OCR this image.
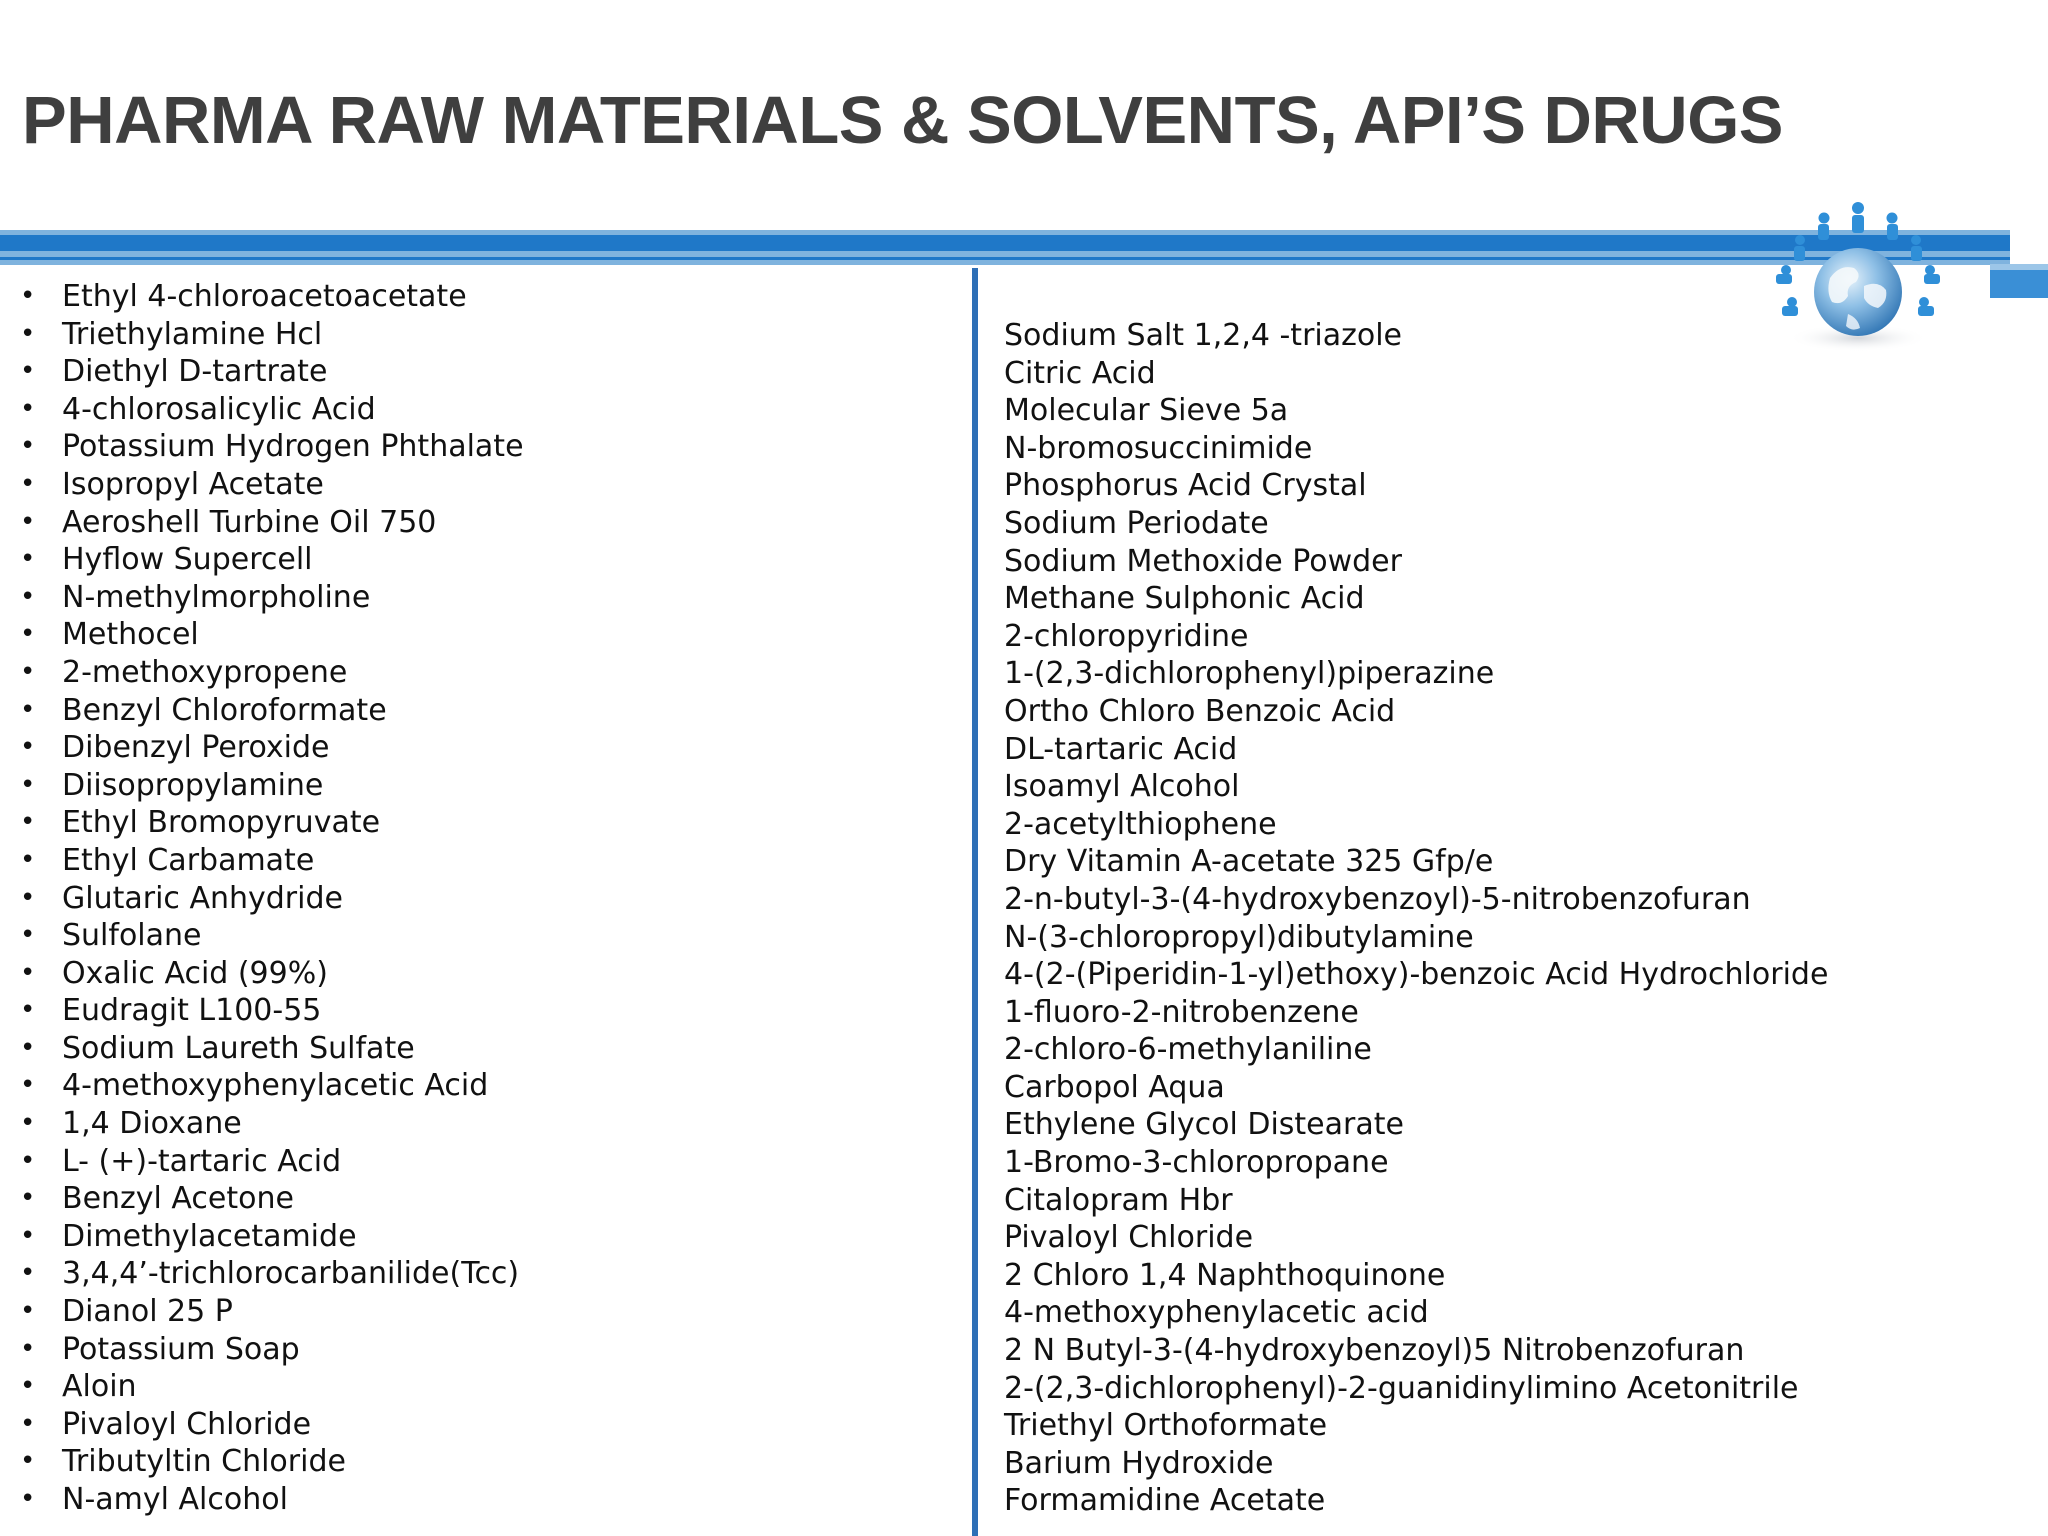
PHARMA RAW MATERIALS & SOLVENTS, API’S DRUGS
• Ethyl 4-chloroacetoacetate
• Triethylamine Hcl
• Diethyl D-tartrate
• 4-chlorosalicylic Acid
• Potassium Hydrogen Phthalate
• Isopropyl Acetate
• Aeroshell Turbine Oil 750
• Hyflow Supercell
• N-methylmorpholine
• Methocel
• 2-methoxypropene
• Benzyl Chloroformate
• Dibenzyl Peroxide
• Diisopropylamine
• Ethyl Bromopyruvate
• Ethyl Carbamate
• Glutaric Anhydride
• Sulfolane
• Oxalic Acid (99%)
• Eudragit L100-55
• Sodium Laureth Sulfate
• 4-methoxyphenylacetic Acid
• 1,4 Dioxane
• L- (+)-tartaric Acid
• Benzyl Acetone
• Dimethylacetamide
• 3,4,4’-trichlorocarbanilide(Tcc)
• Dianol 25 P
• Potassium Soap
• Aloin
• Pivaloyl Chloride
• Tributyltin Chloride
• N-amyl Alcohol
Sodium Salt 1,2,4 -triazole
Citric Acid
Molecular Sieve 5a
N-bromosuccinimide
Phosphorus Acid Crystal
Sodium Periodate
Sodium Methoxide Powder
Methane Sulphonic Acid
2-chloropyridine
1-(2,3-dichlorophenyl)piperazine
Ortho Chloro Benzoic Acid
DL-tartaric Acid
Isoamyl Alcohol
2-acetylthiophene
Dry Vitamin A-acetate 325 Gfp/e
2-n-butyl-3-(4-hydroxybenzoyl)-5-nitrobenzofuran
N-(3-chloropropyl)dibutylamine
4-(2-(Piperidin-1-yl)ethoxy)-benzoic Acid Hydrochloride
1-fluoro-2-nitrobenzene
2-chloro-6-methylaniline
Carbopol Aqua
Ethylene Glycol Distearate
1-Bromo-3-chloropropane
Citalopram Hbr
Pivaloyl Chloride
2 Chloro 1,4 Naphthoquinone
4-methoxyphenylacetic acid
2 N Butyl-3-(4-hydroxybenzoyl)5 Nitrobenzofuran
2-(2,3-dichlorophenyl)-2-guanidinylimino Acetonitrile
Triethyl Orthoformate
Barium Hydroxide
Formamidine Acetate
